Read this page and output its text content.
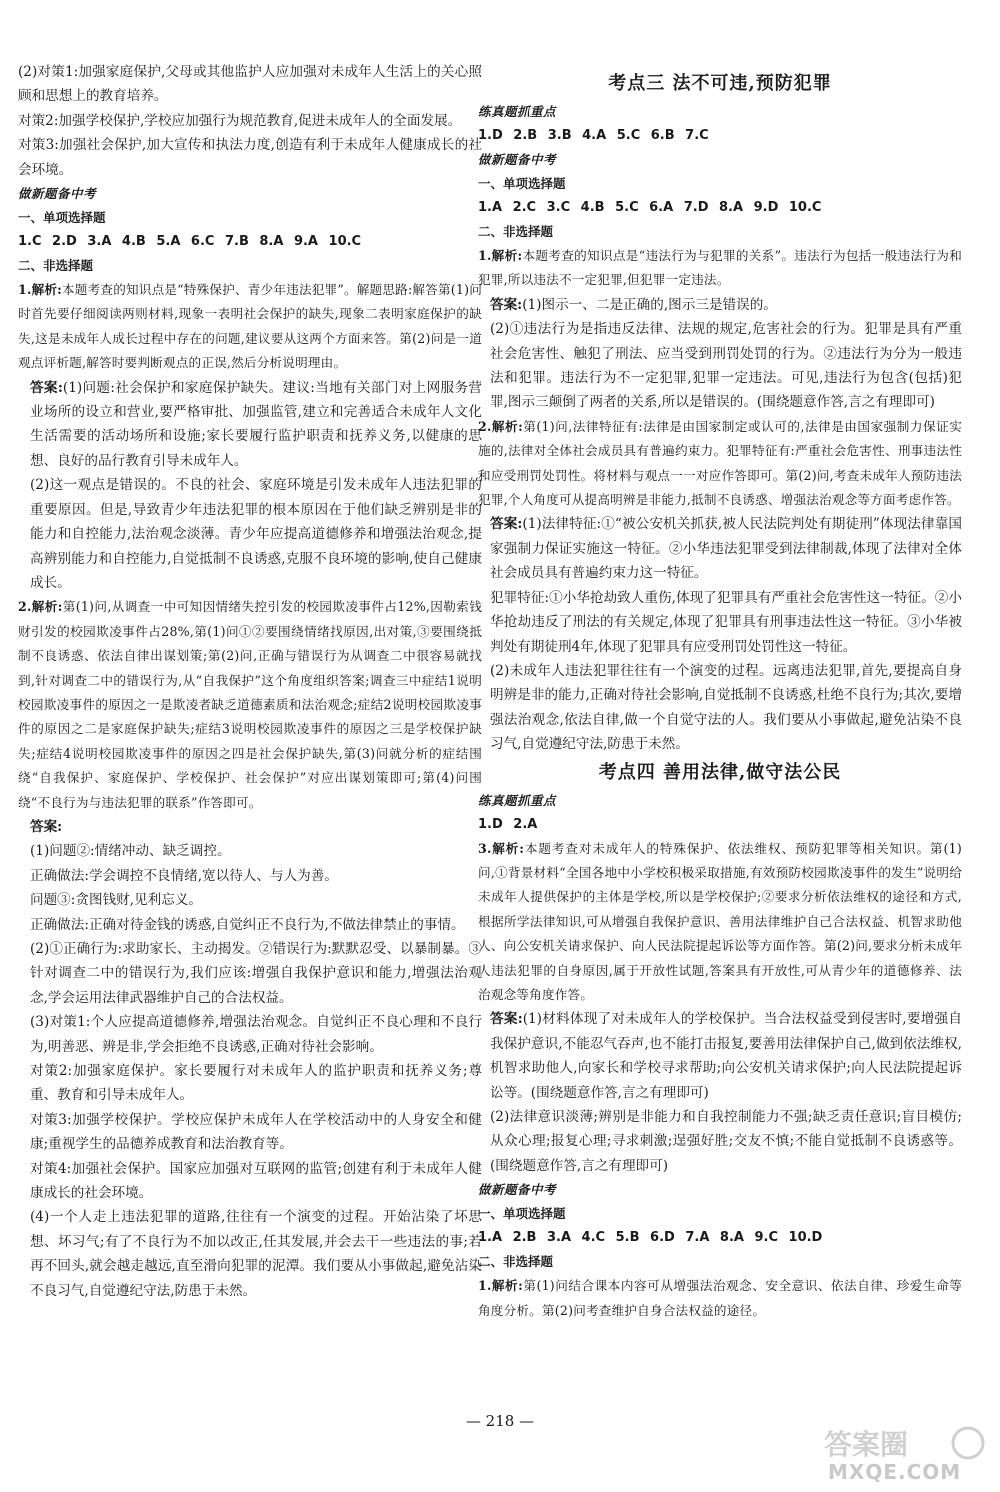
(2)对策1:加强家庭保护,父母或其他监护人应加强对未成年人生活上的关心照顾和思想上的教育培养。

对策2:加强学校保护,学校应加强行为规范教育,促进未成年人的全面发展。

对策3:加强社会保护,加大宣传和执法力度,创造有利于未成年人健康成长的社会环境。

做新题备中考

一、单项选择题

1.C 2.D 3.A 4.B 5.A 6.C 7.B 8.A 9.A 10.C

二、非选择题

1.解析:本题考查的知识点是“特殊保护、青少年违法犯罪”。解题思路:解答第(1)问时首先要仔细阅读两则材料,现象一表明社会保护的缺失,现象二表明家庭保护的缺失,这是未成年人成长过程中存在的问题,建议要从这两个方面来答。第(2)问是一道观点评析题,解答时要判断观点的正误,然后分析说明理由。

答案:(1)问题:社会保护和家庭保护缺失。建议:当地有关部门对上网服务营业场所的设立和营业,要严格审批、加强监管,建立和完善适合未成年人文化生活需要的活动场所和设施;家长要履行监护职责和抚养义务,以健康的思想、良好的品行教育引导未成年人。

(2)这一观点是错误的。不良的社会、家庭环境是引发未成年人违法犯罪的重要原因。但是,导致青少年违法犯罪的根本原因在于他们缺乏辨别是非的能力和自控能力,法治观念淡薄。青少年应提高道德修养和增强法治观念,提高辨别能力和自控能力,自觉抵制不良诱惑,克服不良环境的影响,使自己健康成长。

2.解析:第(1)问,从调查一中可知因情绪失控引发的校园欺凌事件占12%,因勒索钱财引发的校园欺凌事件占28%,第(1)问①②要围绕情绪找原因,出对策,③要围绕抵制不良诱惑、依法自律出谋划策;第(2)问,正确与错误行为从调查二中很容易就找到,针对调查二中的错误行为,从“自我保护”这个角度组织答案;调查三中症结1说明校园欺凌事件的原因之一是欺凌者缺乏道德素质和法治观念;症结2说明校园欺凌事件的原因之二是家庭保护缺失;症结3说明校园欺凌事件的原因之三是学校保护缺失;症结4说明校园欺凌事件的原因之四是社会保护缺失,第(3)问就分析的症结围绕“自我保护、家庭保护、学校保护、社会保护”对应出谋划策即可;第(4)问围绕“不良行为与违法犯罪的联系”作答即可。

答案:

(1)问题②:情绪冲动、缺乏调控。

正确做法:学会调控不良情绪,宽以待人、与人为善。

问题③:贪图钱财,见利忘义。

正确做法:正确对待金钱的诱惑,自觉纠正不良行为,不做法律禁止的事情。

(2)①正确行为:求助家长、主动揭发。②错误行为:默默忍受、以暴制暴。③针对调查二中的错误行为,我们应该:增强自我保护意识和能力,增强法治观念,学会运用法律武器维护自己的合法权益。

(3)对策1:个人应提高道德修养,增强法治观念。自觉纠正不良心理和不良行为,明善恶、辨是非,学会拒绝不良诱惑,正确对待社会影响。

对策2:加强家庭保护。家长要履行对未成年人的监护职责和抚养义务;尊重、教育和引导未成年人。

对策3:加强学校保护。学校应保护未成年人在学校活动中的人身安全和健康;重视学生的品德养成教育和法治教育等。

对策4:加强社会保护。国家应加强对互联网的监管;创建有利于未成年人健康成长的社会环境。

(4)一个人走上违法犯罪的道路,往往有一个演变的过程。开始沾染了坏思想、坏习气;有了不良行为不加以改正,任其发展,并会去干一些违法的事;若再不回头,就会越走越远,直至滑向犯罪的泥潭。我们要从小事做起,避免沾染不良习气,自觉遵纪守法,防患于未然。

考点三 法不可违,预防犯罪

练真题抓重点

1.D 2.B 3.B 4.A 5.C 6.B 7.C

做新题备中考

一、单项选择题

1.A 2.C 3.C 4.B 5.C 6.A 7.D 8.A 9.D 10.C

二、非选择题

1.解析:本题考查的知识点是“违法行为与犯罪的关系”。违法行为包括一般违法行为和犯罪,所以违法不一定犯罪,但犯罪一定违法。

答案:(1)图示一、二是正确的,图示三是错误的。

(2)①违法行为是指违反法律、法规的规定,危害社会的行为。犯罪是具有严重社会危害性、触犯了刑法、应当受到刑罚处罚的行为。②违法行为分为一般违法和犯罪。违法行为不一定犯罪,犯罪一定违法。可见,违法行为包含(包括)犯罪,图示三颠倒了两者的关系,所以是错误的。(围绕题意作答,言之有理即可)

2.解析:第(1)问,法律特征有:法律是由国家制定或认可的,法律是由国家强制力保证实施的,法律对全体社会成员具有普遍约束力。犯罪特征有:严重社会危害性、刑事违法性和应受刑罚处罚性。将材料与观点一一对应作答即可。第(2)问,考查未成年人预防违法犯罪,个人角度可从提高明辨是非能力,抵制不良诱惑、增强法治观念等方面考虑作答。

答案:(1)法律特征:①“被公安机关抓获,被人民法院判处有期徒刑”体现法律靠国家强制力保证实施这一特征。②小华违法犯罪受到法律制裁,体现了法律对全体社会成员具有普遍约束力这一特征。

犯罪特征:①小华抢劫致人重伤,体现了犯罪具有严重社会危害性这一特征。②小华抢劫违反了刑法的有关规定,体现了犯罪具有刑事违法性这一特征。③小华被判处有期徒刑4年,体现了犯罪具有应受刑罚处罚性这一特征。

(2)未成年人违法犯罪往往有一个演变的过程。远离违法犯罪,首先,要提高自身明辨是非的能力,正确对待社会影响,自觉抵制不良诱惑,杜绝不良行为;其次,要增强法治观念,依法自律,做一个自觉守法的人。我们要从小事做起,避免沾染不良习气,自觉遵纪守法,防患于未然。

考点四 善用法律,做守法公民

练真题抓重点

1.D 2.A

3.解析:本题考查对未成年人的特殊保护、依法维权、预防犯罪等相关知识。第(1)问,①背景材料“全国各地中小学校积极采取措施,有效预防校园欺凌事件的发生”说明给未成年人提供保护的主体是学校,所以是学校保护;②要求分析依法维权的途径和方式,根据所学法律知识,可从增强自我保护意识、善用法律维护自己合法权益、机智求助他人、向公安机关请求保护、向人民法院提起诉讼等方面作答。第(2)问,要求分析未成年人违法犯罪的自身原因,属于开放性试题,答案具有开放性,可从青少年的道德修养、法治观念等角度作答。

答案:(1)材料体现了对未成年人的学校保护。当合法权益受到侵害时,要增强自我保护意识,不能忍气吞声,也不能打击报复,要善用法律保护自己,做到依法维权,机智求助他人,向家长和学校寻求帮助;向公安机关请求保护;向人民法院提起诉讼等。(围绕题意作答,言之有理即可)

(2)法律意识淡薄;辨别是非能力和自我控制能力不强;缺乏责任意识;盲目模仿;从众心理;报复心理;寻求刺激;逞强好胜;交友不慎;不能自觉抵制不良诱惑等。(围绕题意作答,言之有理即可)

做新题备中考

一、单项选择题

1.A 2.B 3.A 4.C 5.B 6.D 7.A 8.A 9.C 10.D

二、非选择题

1.解析:第(1)问结合课本内容可从增强法治观念、安全意识、依法自律、珍爱生命等角度分析。第(2)问考查维护自身合法权益的途径。

— 218 —
答案圈
MXQE.COM
